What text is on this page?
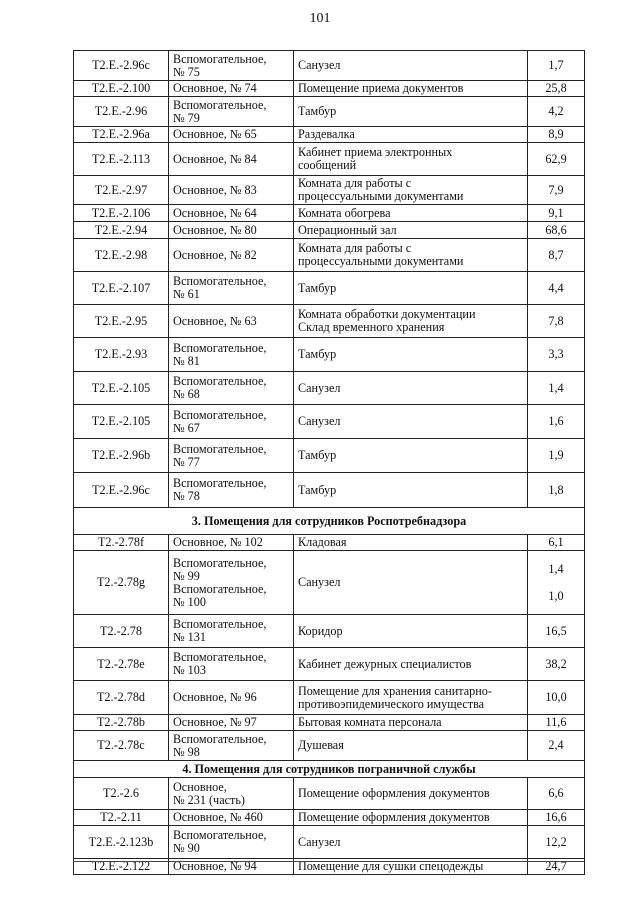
101
Т2.Е.-2.96с	Вспомогательное,
№ 75	Санузел	1,7

Т2.Е.-2.100	Основное, № 74	Помещение приема документов	25,8

Т2.Е.-2.96	Вспомогательное,
№ 79	Тамбур	4,2

Т2.Е.-2.96а	Основное, № 65	Раздевалка	8,9

Т2.Е.-2.113	Основное, № 84	Кабинет приема электронных
сообщений	62,9

Т2.Е.-2.97	Основное, № 83	Комната для работы с
процессуальными документами	7,9

Т2.Е.-2.106	Основное, № 64	Комната обогрева	9,1

Т2.Е.-2.94	Основное, № 80	Операционный зал	68,6

Т2.Е.-2.98	Основное, № 82	Комната для работы с
процессуальными документами	8,7

Т2.Е.-2.107	Вспомогательное,
№ 61	Тамбур	4,4

Т2.Е.-2.95	Основное, № 63	Комната обработки документации
Склад временного хранения	7,8

Т2.Е.-2.93	Вспомогательное,
№ 81	Тамбур	3,3

Т2.Е.-2.105	Вспомогательное,
№ 68	Санузел	1,4

Т2.Е.-2.105	Вспомогательное,
№ 67	Санузел	1,6

Т2.Е.-2.96b	Вспомогательное,
№ 77	Тамбур	1,9

Т2.Е.-2.96с	Вспомогательное,
№ 78	Тамбур	1,8

3. Помещения для сотрудников Роспотребнадзора			
Т2.-2.78f	Основное, № 102	Кладовая	6,1

Т2.-2.78g	Вспомогательное,
№ 99
Вспомогательное,
№ 100	Санузел	1,4
1,0

Т2.-2.78	Вспомогательное,
№ 131	Коридор	16,5

Т2.-2.78е	Вспомогательное,
№ 103	Кабинет дежурных специалистов	38,2

Т2.-2.78d	Основное, № 96	Помещение для хранения санитарно-
противоэпидемического имущества	10,0

Т2.-2.78b	Основное, № 97	Бытовая комната персонала	11,6

Т2.-2.78с	Вспомогательное,
№ 98	Душевая	2,4

4. Помещения для сотрудников пограничной службы			
Т2.-2.6	Основное,
№ 231 (часть)	Помещение оформления документов	6,6

Т2.-2.11	Основное, № 460	Помещение оформления документов	16,6

Т2.Е.-2.123b	Вспомогательное,
№ 90	Санузел	12,2

Т2.Е.-2.122	Основное, № 94	Помещение для сушки спецодежды	24,7
